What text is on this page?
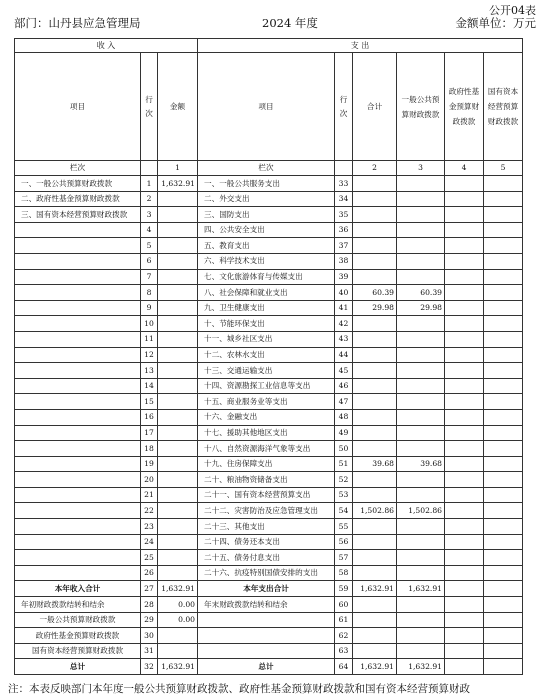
公开04表
部门：山丹县应急管理局	2024 年度	金额单位：万元
收 入			支 出					
项目	行次	金额	项目	行次	合计	一般公共预算财政拨款	政府性基金预算财政拨款	国有资本经营预算财政拨款
栏次		1	栏次		2	3	4	5
一、一般公共预算财政拨款	1	1,632.91	一、一般公共服务支出	33				
二、政府性基金预算财政拨款	2		二、外交支出	34				
三、国有资本经营预算财政拨款	3		三、国防支出	35				
	4		四、公共安全支出	36				
	5		五、教育支出	37				
	6		六、科学技术支出	38				
	7		七、文化旅游体育与传媒支出	39				
	8		八、社会保障和就业支出	40	60.39	60.39		
	9		九、卫生健康支出	41	29.98	29.98		
	10		十、节能环保支出	42				
	11		十一、城乡社区支出	43				
	12		十二、农林水支出	44				
	13		十三、交通运输支出	45				
	14		十四、资源勘探工业信息等支出	46				
	15		十五、商业服务业等支出	47				
	16		十六、金融支出	48				
	17		十七、援助其他地区支出	49				
	18		十八、自然资源海洋气象等支出	50				
	19		十九、住房保障支出	51	39.68	39.68		
	20		二十、粮油物资储备支出	52				
	21		二十一、国有资本经营预算支出	53				
	22		二十二、灾害防治及应急管理支出	54	1,502.86	1,502.86		
	23		二十三、其他支出	55				
	24		二十四、债务还本支出	56				
	25		二十五、债务付息支出	57				
	26		二十六、抗疫特别国债安排的支出	58				
本年收入合计	27	1,632.91	本年支出合计	59	1,632.91	1,632.91		
年初财政拨款结转和结余	28	0.00	年末财政拨款结转和结余	60				
一般公共预算财政拨款	29	0.00		61				
政府性基金预算财政拨款	30			62				
国有资本经营预算财政拨款	31			63				
总计	32	1,632.91	总计	64	1,632.91	1,632.91		
注：本表反映部门本年度一般公共预算财政拨款、政府性基金预算财政拨款和国有资本经营预算财政
